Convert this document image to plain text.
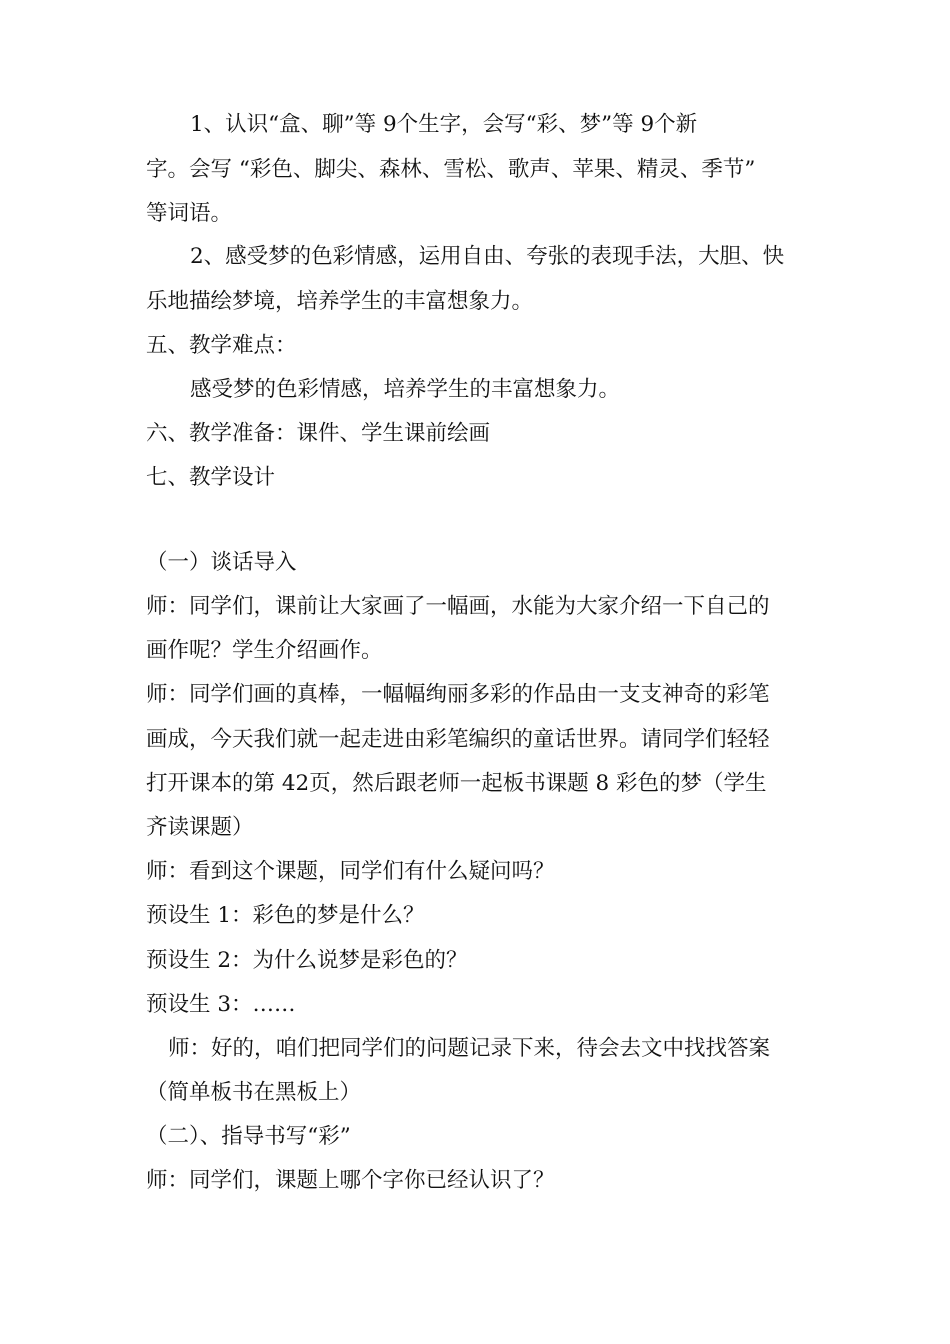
1、认识“盒、聊”等 9个生字，会写“彩、梦”等 9个新
字。会写 “彩色、脚尖、森林、雪松、歌声、苹果、精灵、季节”
等词语。
2、感受梦的色彩情感，运用自由、夸张的表现手法，大胆、快
乐地描绘梦境，培养学生的丰富想象力。
五、教学难点：
感受梦的色彩情感，培养学生的丰富想象力。
六、教学准备：课件、学生课前绘画
七、教学设计
（一）谈话导入
师：同学们，课前让大家画了一幅画，水能为大家介绍一下自己的
画作呢？学生介绍画作。
师：同学们画的真棒，一幅幅绚丽多彩的作品由一支支神奇的彩笔
画成，今天我们就一起走进由彩笔编织的童话世界。请同学们轻轻
打开课本的第 42页，然后跟老师一起板书课题 8 彩色的梦（学生
齐读课题）
师：看到这个课题，同学们有什么疑问吗？
预设生 1：彩色的梦是什么？
预设生 2：为什么说梦是彩色的？
预设生 3：……
师：好的，咱们把同学们的问题记录下来，待会去文中找找答案
（简单板书在黑板上）
（二）、指导书写“彩”
师：同学们，课题上哪个字你已经认识了？
